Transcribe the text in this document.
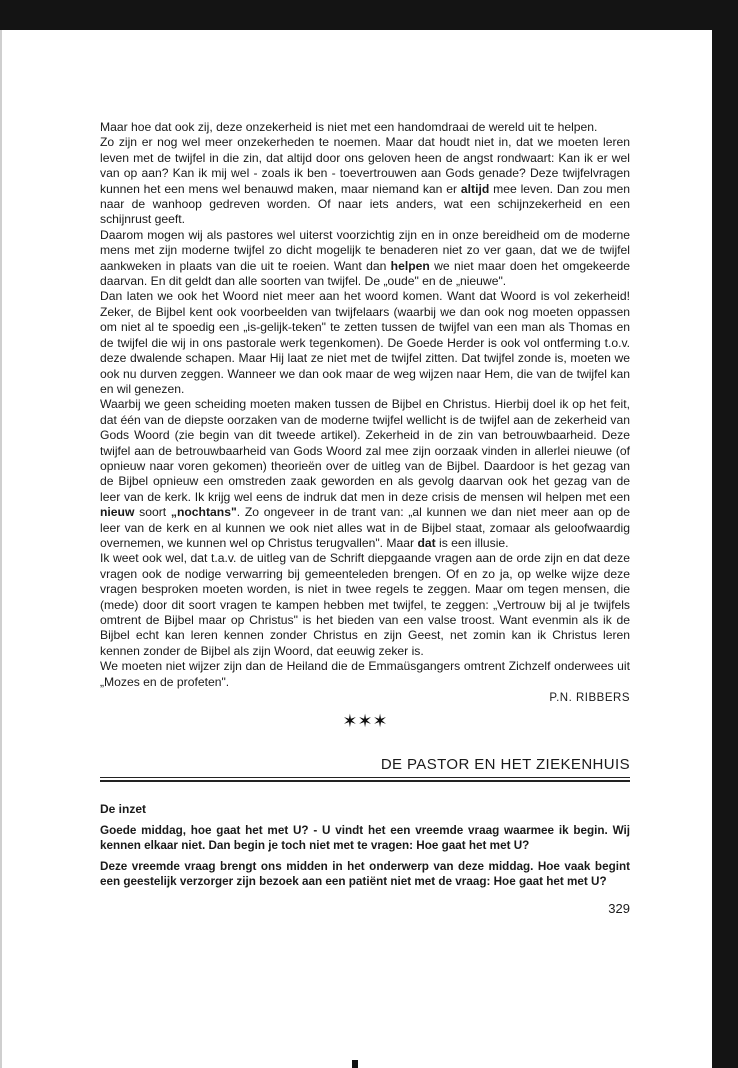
Maar hoe dat ook zij, deze onzekerheid is niet met een handomdraai de wereld uit te helpen.

Zo zijn er nog wel meer onzekerheden te noemen. Maar dat houdt niet in, dat we moeten leren leven met de twijfel in die zin, dat altijd door ons geloven heen de angst rondwaart: Kan ik er wel van op aan? Kan ik mij wel - zoals ik ben - toevertrouwen aan Gods genade? Deze twijfelvragen kunnen het een mens wel benauwd maken, maar niemand kan er altijd mee leven. Dan zou men naar de wanhoop gedreven worden. Of naar iets anders, wat een schijnzekerheid en een schijnrust geeft.

Daarom mogen wij als pastores wel uiterst voorzichtig zijn en in onze bereidheid om de moderne mens met zijn moderne twijfel zo dicht mogelijk te benaderen niet zo ver gaan, dat we de twijfel aankweken in plaats van die uit te roeien. Want dan helpen we niet maar doen het omgekeerde daarvan. En dit geldt dan alle soorten van twijfel. De „oude" en de „nieuwe".

Dan laten we ook het Woord niet meer aan het woord komen. Want dat Woord is vol zekerheid! Zeker, de Bijbel kent ook voorbeelden van twijfelaars (waarbij we dan ook nog moeten oppassen om niet al te spoedig een „is-gelijk-teken" te zetten tussen de twijfel van een man als Thomas en de twijfel die wij in ons pastorale werk tegenkomen). De Goede Herder is ook vol ontferming t.o.v. deze dwalende schapen. Maar Hij laat ze niet met de twijfel zitten. Dat twijfel zonde is, moeten we ook nu durven zeggen. Wanneer we dan ook maar de weg wijzen naar Hem, die van de twijfel kan en wil genezen.

Waarbij we geen scheiding moeten maken tussen de Bijbel en Christus. Hierbij doel ik op het feit, dat één van de diepste oorzaken van de moderne twijfel wellicht is de twijfel aan de zekerheid van Gods Woord (zie begin van dit tweede artikel). Zekerheid in de zin van betrouwbaarheid. Deze twijfel aan de betrouwbaarheid van Gods Woord zal mee zijn oorzaak vinden in allerlei nieuwe (of opnieuw naar voren gekomen) theorieën over de uitleg van de Bijbel. Daardoor is het gezag van de Bijbel opnieuw een omstreden zaak geworden en als gevolg daarvan ook het gezag van de leer van de kerk. Ik krijg wel eens de indruk dat men in deze crisis de mensen wil helpen met een nieuw soort „nochtans". Zo ongeveer in de trant van: „al kunnen we dan niet meer aan op de leer van de kerk en al kunnen we ook niet alles wat in de Bijbel staat, zomaar als geloofwaardig overnemen, we kunnen wel op Christus terugvallen". Maar dat is een illusie.

Ik weet ook wel, dat t.a.v. de uitleg van de Schrift diepgaande vragen aan de orde zijn en dat deze vragen ook de nodige verwarring bij gemeenteleden brengen. Of en zo ja, op welke wijze deze vragen besproken moeten worden, is niet in twee regels te zeggen. Maar om tegen mensen, die (mede) door dit soort vragen te kampen hebben met twijfel, te zeggen: „Vertrouw bij al je twijfels omtrent de Bijbel maar op Christus" is het bieden van een valse troost. Want evenmin als ik de Bijbel echt kan leren kennen zonder Christus en zijn Geest, net zomin kan ik Christus leren kennen zonder de Bijbel als zijn Woord, dat eeuwig zeker is.

We moeten niet wijzer zijn dan de Heiland die de Emmaüsgangers omtrent Zichzelf onderwees uit „Mozes en de profeten".

P.N. RIBBERS
✶✶✶
DE PASTOR EN HET ZIEKENHUIS
De inzet

Goede middag, hoe gaat het met U? - U vindt het een vreemde vraag waarmee ik begin. Wij kennen elkaar niet. Dan begin je toch niet met te vragen: Hoe gaat het met U?

Deze vreemde vraag brengt ons midden in het onderwerp van deze middag. Hoe vaak begint een geestelijk verzorger zijn bezoek aan een patiënt niet met de vraag: Hoe gaat het met U?

329
